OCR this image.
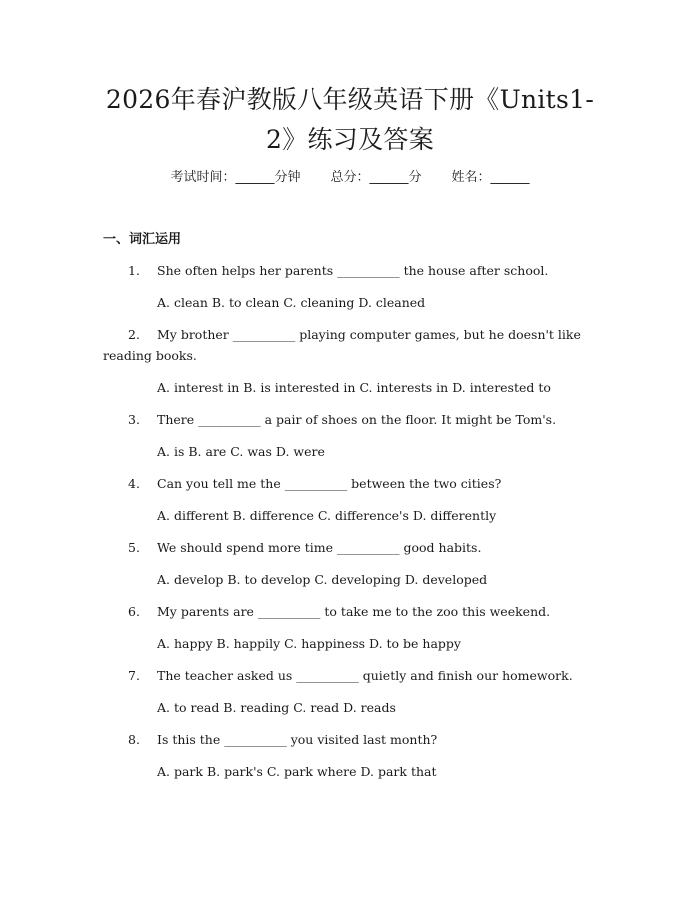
2026年春沪教版八年级英语下册《Units1-
2》练习及答案
考试时间：______分钟 总分：______分 姓名：______
一、词汇运用

1. She often helps her parents __________ the house after school.

A. clean B. to clean C. cleaning D. cleaned

2. My brother __________ playing computer games, but he doesn't like reading books.

A. interest in B. is interested in C. interests in D. interested to

3. There __________ a pair of shoes on the floor. It might be Tom's.

A. is B. are C. was D. were

4. Can you tell me the __________ between the two cities?

A. different B. difference C. difference's D. differently

5. We should spend more time __________ good habits.

A. develop B. to develop C. developing D. developed

6. My parents are __________ to take me to the zoo this weekend.

A. happy B. happily C. happiness D. to be happy

7. The teacher asked us __________ quietly and finish our homework.

A. to read B. reading C. read D. reads

8. Is this the __________ you visited last month?

A. park B. park's C. park where D. park that
